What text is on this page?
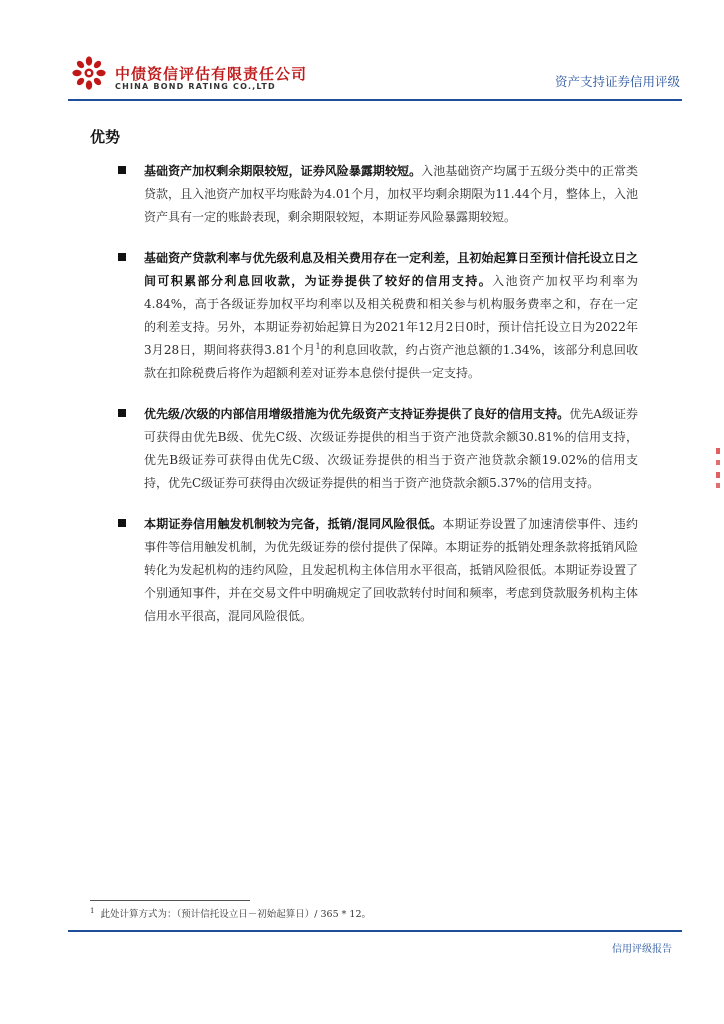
中债资信评估有限责任公司
CHINA BOND RATING CO.,LTD	资产支持证券信用评级
优势

基础资产加权剩余期限较短，证券风险暴露期较短。入池基础资产均属于五级分类中的正常类贷款，且入池资产加权平均账龄为4.01个月，加权平均剩余期限为11.44个月，整体上，入池资产具有一定的账龄表现，剩余期限较短，本期证券风险暴露期较短。

基础资产贷款利率与优先级利息及相关费用存在一定利差，且初始起算日至预计信托设立日之间可积累部分利息回收款，为证券提供了较好的信用支持。入池资产加权平均利率为4.84%，高于各级证券加权平均利率以及相关税费和相关参与机构服务费率之和，存在一定的利差支持。另外，本期证券初始起算日为2021年12月2日0时，预计信托设立日为2022年3月28日，期间将获得3.81个月$^1$的利息回收款，约占资产池总额的1.34%，该部分利息回收款在扣除税费后将作为超额利差对证券本息偿付提供一定支持。

优先级/次级的内部信用增级措施为优先级资产支持证券提供了良好的信用支持。优先A级证券可获得由优先B级、优先C级、次级证券提供的相当于资产池贷款余额30.81%的信用支持，优先B级证券可获得由优先C级、次级证券提供的相当于资产池贷款余额19.02%的信用支持，优先C级证券可获得由次级证券提供的相当于资产池贷款余额5.37%的信用支持。

本期证券信用触发机制较为完备，抵销/混同风险很低。本期证券设置了加速清偿事件、违约事件等信用触发机制，为优先级证券的偿付提供了保障。本期证券的抵销处理条款将抵销风险转化为发起机构的违约风险，且发起机构主体信用水平很高，抵销风险很低。本期证券设置了个别通知事件，并在交易文件中明确规定了回收款转付时间和频率，考虑到贷款服务机构主体信用水平很高，混同风险很低。

$^1$ 此处计算方式为：（预计信托设立日－初始起算日）/ 365 * 12。
信用评级报告
